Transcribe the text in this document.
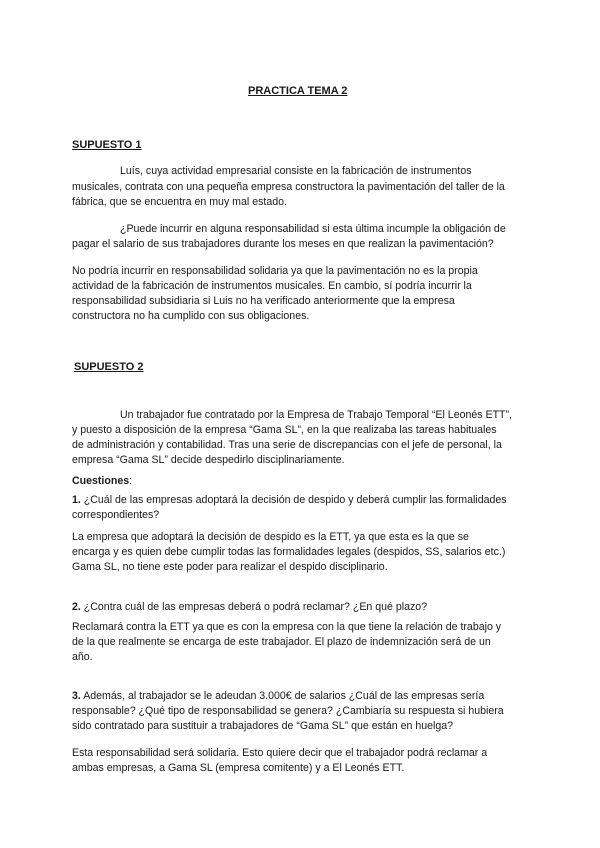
PRACTICA TEMA 2

SUPUESTO 1

Luís, cuya actividad empresarial consiste en la fabricación de instrumentos

musicales, contrata con una pequeña empresa constructora la pavimentación del taller de la

fábrica, que se encuentra en muy mal estado.

¿Puede incurrir en alguna responsabilidad si esta última incumple la obligación de

pagar el salario de sus trabajadores durante los meses en que realizan la pavimentación?

No podría incurrir en responsabilidad solidaria ya que la pavimentación no es la propia

actividad de la fabricación de instrumentos musicales. En cambio, sí podría incurrir la

responsabilidad subsidiaria si Luis no ha verificado anteriormente que la empresa

constructora no ha cumplido con sus obligaciones.

SUPUESTO 2

Un trabajador fue contratado por la Empresa de Trabajo Temporal “El Leonés ETT”,

y puesto a disposición de la empresa “Gama SL”, en la que realizaba las tareas habituales

de administración y contabilidad. Tras una serie de discrepancias con el jefe de personal, la

empresa “Gama SL” decide despedirlo disciplinariamente.

Cuestiones:

1. ¿Cuál de las empresas adoptará la decisión de despido y deberá cumplir las formalidades

correspondientes?

La empresa que adoptará la decisión de despido es la ETT, ya que esta es la que se

encarga y es quien debe cumplir todas las formalidades legales (despidos, SS, salarios etc.)

Gama SL, no tiene este poder para realizar el despido disciplinario.

2. ¿Contra cuál de las empresas deberá o podrá reclamar? ¿En qué plazo?

Reclamará contra la ETT ya que es con la empresa con la que tiene la relación de trabajo y

de la que realmente se encarga de este trabajador. El plazo de indemnización será de un

año.

3. Además, al trabajador se le adeudan 3.000€ de salarios ¿Cuál de las empresas sería

responsable? ¿Qué tipo de responsabilidad se genera? ¿Cambiaría su respuesta si hubiera

sido contratado para sustituir a trabajadores de “Gama SL” que están en huelga?

Esta responsabilidad será solidaria. Esto quiere decir que el trabajador podrá reclamar a

ambas empresas, a Gama SL (empresa comitente) y a El Leonés ETT.
